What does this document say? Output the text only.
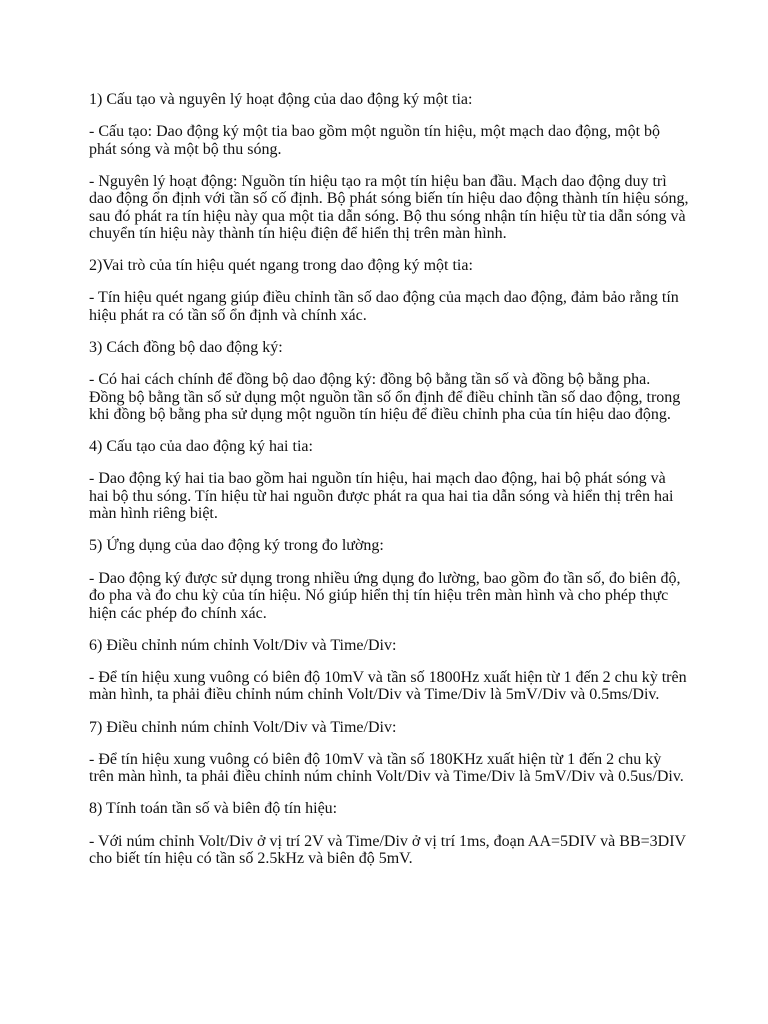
1) Cấu tạo và nguyên lý hoạt động của dao động ký một tia:

- Cấu tạo: Dao động ký một tia bao gồm một nguồn tín hiệu, một mạch dao động, một bộ phát sóng và một bộ thu sóng.

- Nguyên lý hoạt động: Nguồn tín hiệu tạo ra một tín hiệu ban đầu. Mạch dao động duy trì dao động ổn định với tần số cố định. Bộ phát sóng biến tín hiệu dao động thành tín hiệu sóng, sau đó phát ra tín hiệu này qua một tia dẫn sóng. Bộ thu sóng nhận tín hiệu từ tia dẫn sóng và chuyển tín hiệu này thành tín hiệu điện để hiển thị trên màn hình.

2)Vai trò của tín hiệu quét ngang trong dao động ký một tia:

- Tín hiệu quét ngang giúp điều chỉnh tần số dao động của mạch dao động, đảm bảo rằng tín hiệu phát ra có tần số ổn định và chính xác.

3) Cách đồng bộ dao động ký:

- Có hai cách chính để đồng bộ dao động ký: đồng bộ bằng tần số và đồng bộ bằng pha. Đồng bộ bằng tần số sử dụng một nguồn tần số ổn định để điều chỉnh tần số dao động, trong khi đồng bộ bằng pha sử dụng một nguồn tín hiệu để điều chỉnh pha của tín hiệu dao động.

4) Cấu tạo của dao động ký hai tia:

- Dao động ký hai tia bao gồm hai nguồn tín hiệu, hai mạch dao động, hai bộ phát sóng và hai bộ thu sóng. Tín hiệu từ hai nguồn được phát ra qua hai tia dẫn sóng và hiển thị trên hai màn hình riêng biệt.

5) Ứng dụng của dao động ký trong đo lường:

- Dao động ký được sử dụng trong nhiều ứng dụng đo lường, bao gồm đo tần số, đo biên độ, đo pha và đo chu kỳ của tín hiệu. Nó giúp hiển thị tín hiệu trên màn hình và cho phép thực hiện các phép đo chính xác.

6) Điều chỉnh núm chỉnh Volt/Div và Time/Div:

- Để tín hiệu xung vuông có biên độ 10mV và tần số 1800Hz xuất hiện từ 1 đến 2 chu kỳ trên màn hình, ta phải điều chỉnh núm chỉnh Volt/Div và Time/Div là 5mV/Div và 0.5ms/Div.

7) Điều chỉnh núm chỉnh Volt/Div và Time/Div:

- Để tín hiệu xung vuông có biên độ 10mV và tần số 180KHz xuất hiện từ 1 đến 2 chu kỳ trên màn hình, ta phải điều chỉnh núm chỉnh Volt/Div và Time/Div là 5mV/Div và 0.5us/Div.

8) Tính toán tần số và biên độ tín hiệu:

- Với núm chỉnh Volt/Div ở vị trí 2V và Time/Div ở vị trí 1ms, đoạn AA=5DIV và BB=3DIV cho biết tín hiệu có tần số 2.5kHz và biên độ 5mV.
